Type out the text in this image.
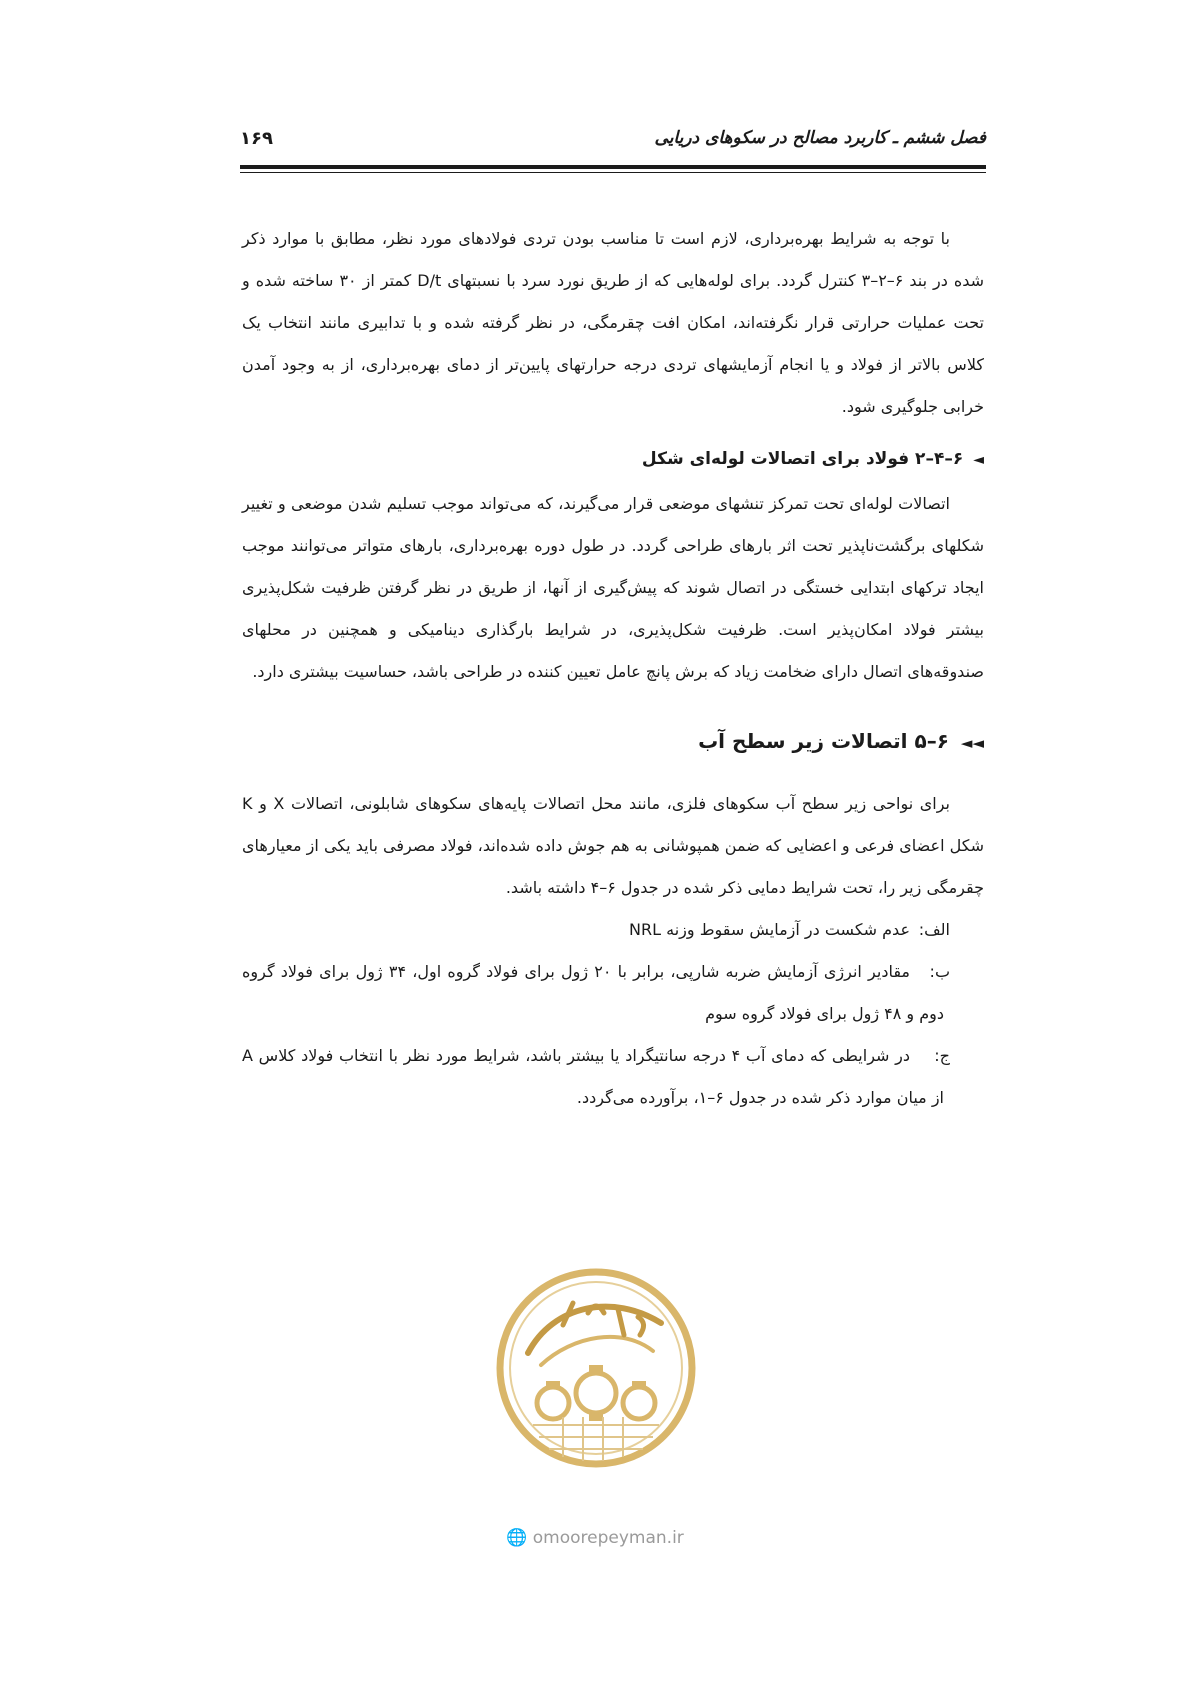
فصل ششم ـ کاربرد مصالح در سکوهای دریایی
۱۶۹

با توجه به شرایط بهره‌برداری، لازم است تا مناسب بودن تردی فولادهای مورد نظر، مطابق با موارد ذکر شده در بند ۶–۲–۳ کنترل گردد. برای لوله‌هایی که از طریق نورد سرد با نسبتهای D/t کمتر از ۳۰ ساخته شده و تحت عملیات حرارتی قرار نگرفته‌اند، امکان افت چقرمگی، در نظر گرفته شده و با تدابیری مانند انتخاب یک کلاس بالاتر از فولاد و یا انجام آزمایشهای تردی درجه حرارتهای پایین‌تر از دمای بهره‌برداری، از به وجود آمدن خرابی جلوگیری شود.

◄۶–۴–۲ فولاد برای اتصالات لوله‌ای شکل

اتصالات لوله‌ای تحت تمرکز تنشهای موضعی قرار می‌گیرند، که می‌تواند موجب تسلیم شدن موضعی و تغییر شکلهای برگشت‌ناپذیر تحت اثر بارهای طراحی گردد. در طول دوره بهره‌برداری، بارهای متواتر می‌توانند موجب ایجاد ترکهای ابتدایی خستگی در اتصال شوند که پیش‌گیری از آنها، از طریق در نظر گرفتن ظرفیت شکل‌پذیری بیشتر فولاد امکان‌پذیر است. ظرفیت شکل‌پذیری، در شرایط بارگذاری دینامیکی و همچنین در محلهای صندوقه‌های اتصال دارای ضخامت زیاد که برش پانچ عامل تعیین کننده در طراحی باشد، حساسیت بیشتری دارد.

◄◄۶–۵ اتصالات زیر سطح آب

برای نواحی زیر سطح آب سکوهای فلزی، مانند محل اتصالات پایه‌های سکوهای شابلونی، اتصالات X و K شکل اعضای فرعی و اعضایی که ضمن همپوشانی به هم جوش داده شده‌اند، فولاد مصرفی باید یکی از معیارهای چقرمگی زیر را، تحت شرایط دمایی ذکر شده در جدول ۶–۴ داشته باشد.

الف:
عدم شکست در آزمایش سقوط وزنه NRL

ب:
مقادیر انرژی آزمایش ضربه شارپی، برابر با ۲۰ ژول برای فولاد گروه اول، ۳۴ ژول برای فولاد گروه دوم و ۴۸ ژول برای فولاد گروه سوم

ج:
در شرایطی که دمای آب ۴ درجه سانتیگراد یا بیشتر باشد، شرایط مورد نظر با انتخاب فولاد کلاس A از میان موارد ذکر شده در جدول ۶–۱، برآورده می‌گردد.

🌐 omoorepeyman.ir
